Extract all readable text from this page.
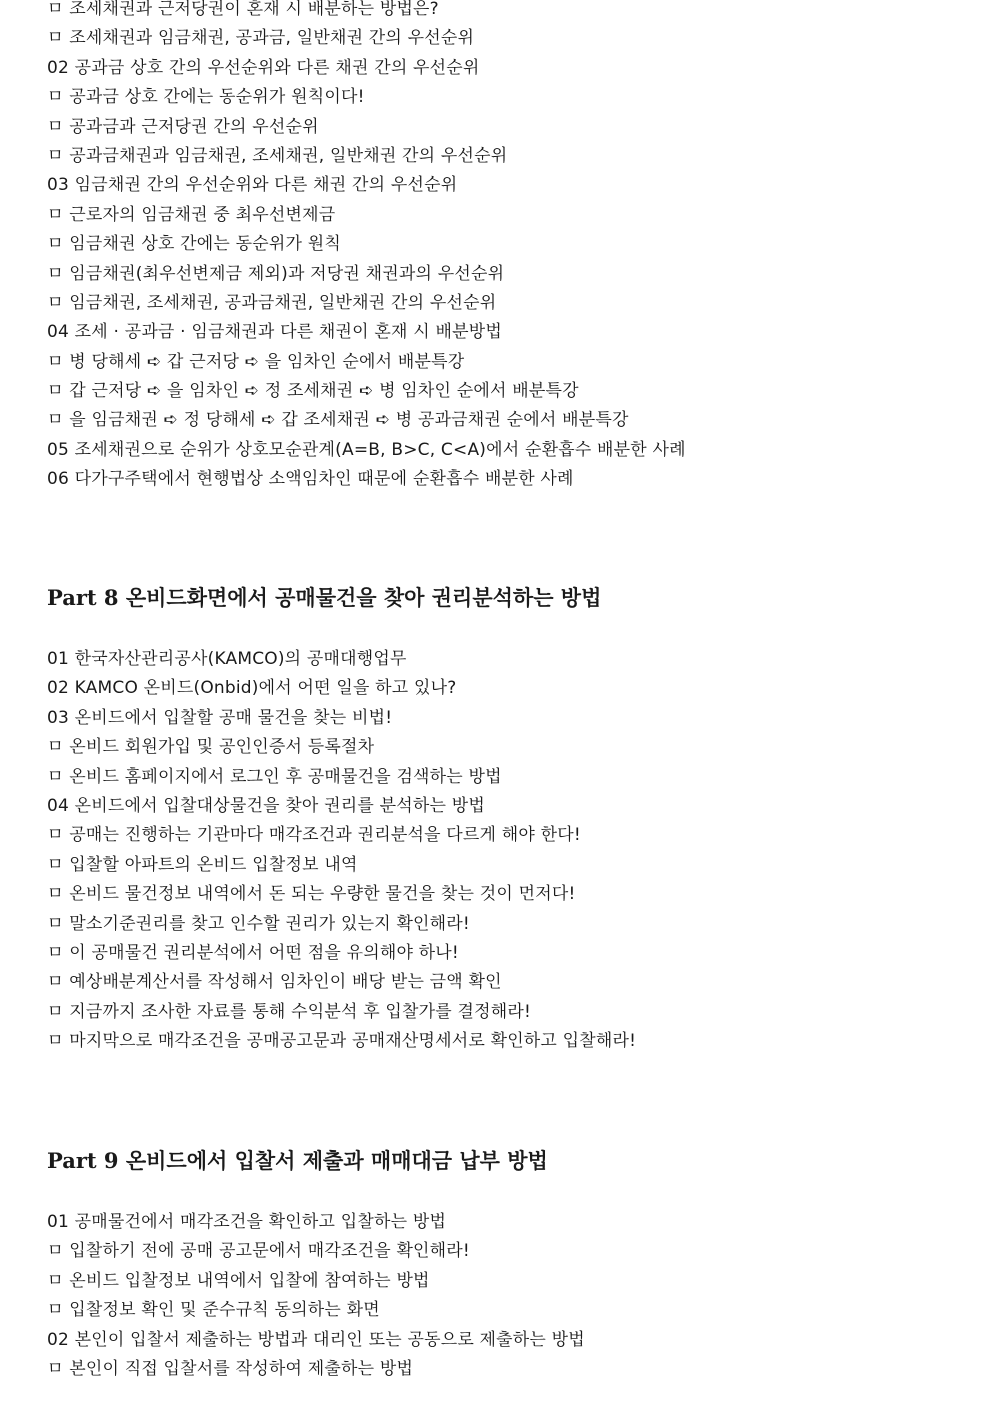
ㅁ 조세채권과 근저당권이 혼재 시 배분하는 방법은?
ㅁ 조세채권과 임금채권, 공과금, 일반채권 간의 우선순위
02 공과금 상호 간의 우선순위와 다른 채권 간의 우선순위
ㅁ 공과금 상호 간에는 동순위가 원칙이다!
ㅁ 공과금과 근저당권 간의 우선순위
ㅁ 공과금채권과 임금채권, 조세채권, 일반채권 간의 우선순위
03 임금채권 간의 우선순위와 다른 채권 간의 우선순위
ㅁ 근로자의 임금채권 중 최우선변제금
ㅁ 임금채권 상호 간에는 동순위가 원칙
ㅁ 임금채권(최우선변제금 제외)과 저당권 채권과의 우선순위
ㅁ 임금채권, 조세채권, 공과금채권, 일반채권 간의 우선순위
04 조세 · 공과금 · 임금채권과 다른 채권이 혼재 시 배분방법
ㅁ 병 당해세 ➪ 갑 근저당 ➪ 을 임차인 순에서 배분특강
ㅁ 갑 근저당 ➪ 을 임차인 ➪ 정 조세채권 ➪ 병 임차인 순에서 배분특강
ㅁ 을 임금채권 ➪ 정 당해세 ➪ 갑 조세채권 ➪ 병 공과금채권 순에서 배분특강
05 조세채권으로 순위가 상호모순관계(A=B, B>C, C<A)에서 순환흡수 배분한 사례
06 다가구주택에서 현행법상 소액임차인 때문에 순환흡수 배분한 사례
Part 8 온비드화면에서 공매물건을 찾아 권리분석하는 방법
01 한국자산관리공사(KAMCO)의 공매대행업무
02 KAMCO 온비드(Onbid)에서 어떤 일을 하고 있나?
03 온비드에서 입찰할 공매 물건을 찾는 비법!
ㅁ 온비드 회원가입 및 공인인증서 등록절차
ㅁ 온비드 홈페이지에서 로그인 후 공매물건을 검색하는 방법
04 온비드에서 입찰대상물건을 찾아 권리를 분석하는 방법
ㅁ 공매는 진행하는 기관마다 매각조건과 권리분석을 다르게 해야 한다!
ㅁ 입찰할 아파트의 온비드 입찰정보 내역
ㅁ 온비드 물건정보 내역에서 돈 되는 우량한 물건을 찾는 것이 먼저다!
ㅁ 말소기준권리를 찾고 인수할 권리가 있는지 확인해라!
ㅁ 이 공매물건 권리분석에서 어떤 점을 유의해야 하나!
ㅁ 예상배분계산서를 작성해서 임차인이 배당 받는 금액 확인
ㅁ 지금까지 조사한 자료를 통해 수익분석 후 입찰가를 결정해라!
ㅁ 마지막으로 매각조건을 공매공고문과 공매재산명세서로 확인하고 입찰해라!
Part 9 온비드에서 입찰서 제출과 매매대금 납부 방법
01 공매물건에서 매각조건을 확인하고 입찰하는 방법
ㅁ 입찰하기 전에 공매 공고문에서 매각조건을 확인해라!
ㅁ 온비드 입찰정보 내역에서 입찰에 참여하는 방법
ㅁ 입찰정보 확인 및 준수규칙 동의하는 화면
02 본인이 입찰서 제출하는 방법과 대리인 또는 공동으로 제출하는 방법
ㅁ 본인이 직접 입찰서를 작성하여 제출하는 방법
